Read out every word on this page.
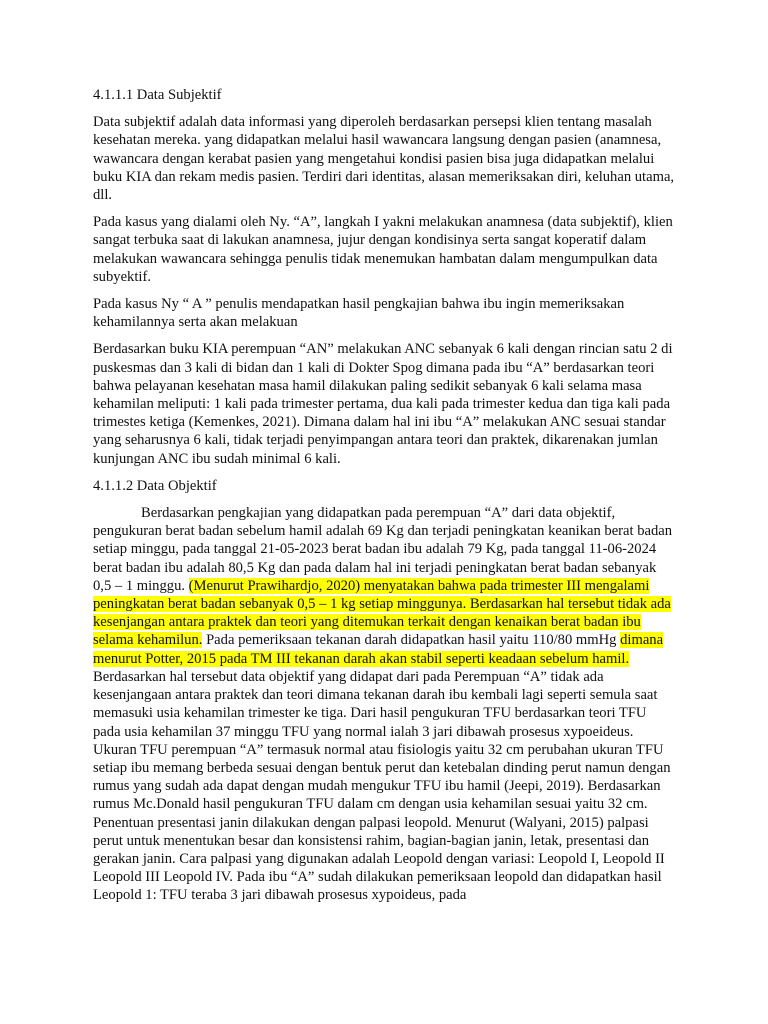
4.1.1.1 Data Subjektif
Data subjektif adalah data informasi yang diperoleh berdasarkan persepsi klien tentang masalah kesehatan mereka. yang didapatkan melalui hasil wawancara langsung dengan pasien (anamnesa, wawancara dengan kerabat pasien yang mengetahui kondisi pasien bisa juga didapatkan melalui buku KIA dan rekam medis pasien. Terdiri dari identitas, alasan memeriksakan diri, keluhan utama, dll.
Pada kasus yang dialami oleh Ny. “A”, langkah I yakni melakukan anamnesa (data subjektif), klien sangat terbuka saat di lakukan anamnesa, jujur dengan kondisinya serta sangat koperatif dalam melakukan wawancara sehingga penulis tidak menemukan hambatan dalam mengumpulkan data subyektif.
Pada kasus Ny “ A ” penulis mendapatkan hasil pengkajian bahwa ibu ingin memeriksakan kehamilannya serta akan melakuan
Berdasarkan buku KIA perempuan “AN” melakukan ANC sebanyak 6 kali dengan rincian satu 2 di puskesmas dan 3 kali di bidan dan 1 kali di Dokter Spog dimana pada ibu “A” berdasarkan teori bahwa pelayanan kesehatan masa hamil dilakukan paling sedikit sebanyak 6 kali selama masa kehamilan meliputi: 1 kali pada trimester pertama, dua kali pada trimester kedua dan tiga kali pada trimestes ketiga (Kemenkes, 2021). Dimana dalam hal ini ibu “A” melakukan ANC sesuai standar yang seharusnya 6 kali, tidak terjadi penyimpangan antara teori dan praktek, dikarenakan jumlan kunjungan ANC ibu sudah minimal 6 kali.
4.1.1.2 Data Objektif
Berdasarkan pengkajian yang didapatkan pada perempuan “A” dari data objektif, pengukuran berat badan sebelum hamil adalah 69 Kg dan terjadi peningkatan keanikan berat badan setiap minggu, pada tanggal 21-05-2023 berat badan ibu adalah 79 Kg, pada tanggal 11-06-2024 berat badan ibu adalah 80,5 Kg dan pada dalam hal ini terjadi peningkatan berat badan sebanyak 0,5 – 1 minggu. (Menurut Prawihardjo, 2020) menyatakan bahwa pada trimester III mengalami peningkatan berat badan sebanyak 0,5 – 1 kg setiap minggunya. Berdasarkan hal tersebut tidak ada kesenjangan antara praktek dan teori yang ditemukan terkait dengan kenaikan berat badan ibu selama kehamilun. Pada pemeriksaan tekanan darah didapatkan hasil yaitu 110/80 mmHg dimana menurut Potter, 2015 pada TM III tekanan darah akan stabil seperti keadaan sebelum hamil. Berdasarkan hal tersebut data objektif yang didapat dari pada Perempuan “A” tidak ada kesenjangaan antara praktek dan teori dimana tekanan darah ibu kembali lagi seperti semula saat memasuki usia kehamilan trimester ke tiga. Dari hasil pengukuran TFU berdasarkan teori TFU pada usia kehamilan 37 minggu TFU yang normal ialah 3 jari dibawah prosesus xypoeideus. Ukuran TFU perempuan “A” termasuk normal atau fisiologis yaitu 32 cm perubahan ukuran TFU setiap ibu memang berbeda sesuai dengan bentuk perut dan ketebalan dinding perut namun dengan rumus yang sudah ada dapat dengan mudah mengukur TFU ibu hamil (Jeepi, 2019). Berdasarkan rumus Mc.Donald hasil pengukuran TFU dalam cm dengan usia kehamilan sesuai yaitu 32 cm. Penentuan presentasi janin dilakukan dengan palpasi leopold. Menurut (Walyani, 2015) palpasi perut untuk menentukan besar dan konsistensi rahim, bagian-bagian janin, letak, presentasi dan gerakan janin. Cara palpasi yang digunakan adalah Leopold dengan variasi: Leopold I, Leopold II Leopold III Leopold IV. Pada ibu “A” sudah dilakukan pemeriksaan leopold dan didapatkan hasil Leopold 1: TFU teraba 3 jari dibawah prosesus xypoideus, pada
